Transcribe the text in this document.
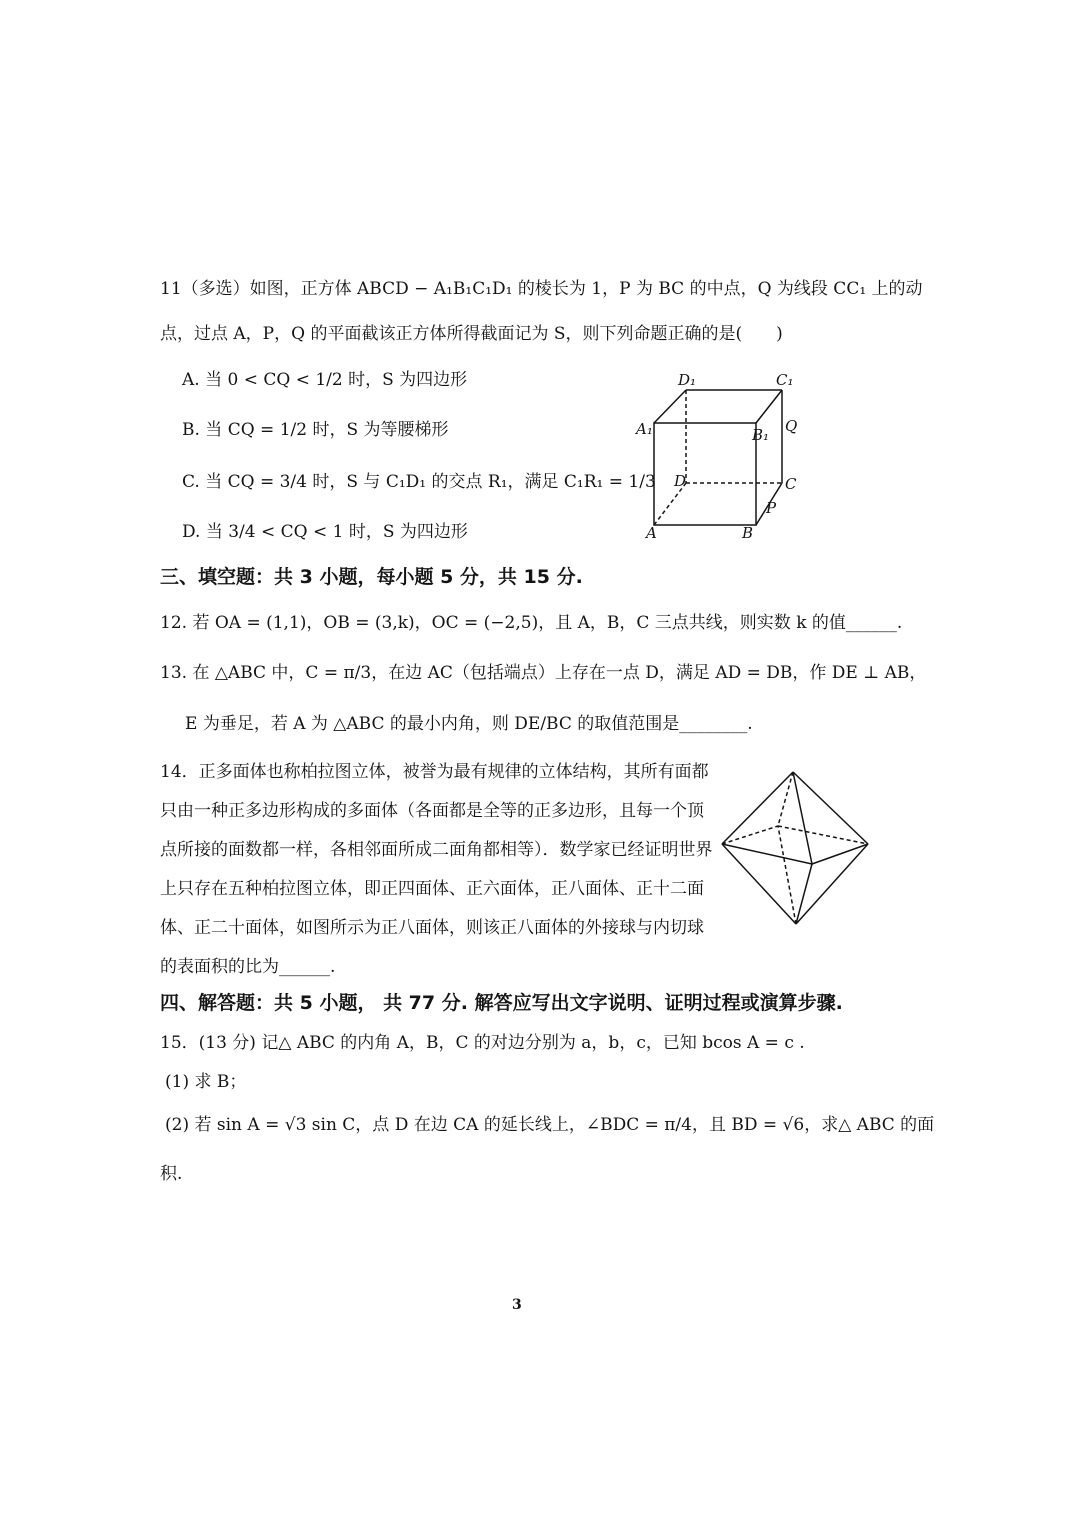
11（多选）如图，正方体 ABCD − A₁B₁C₁D₁ 的棱长为 1，P 为 BC 的中点，Q 为线段 CC₁ 上的动
点，过点 A，P，Q 的平面截该正方体所得截面记为 S，则下列命题正确的是(　　)
A. 当 0 < CQ < 1/2 时，S 为四边形
B. 当 CQ = 1/2 时，S 为等腰梯形
C. 当 CQ = 3/4 时，S 与 C₁D₁ 的交点 R₁，满足 C₁R₁ = 1/3
D. 当 3/4 < CQ < 1 时，S 为四边形
D₁	C₁
A₁	B₁ Q
D	C
P
A	B
三、填空题：共 3 小题，每小题 5 分，共 15 分.
12. 若 OA = (1,1)，OB = (3,k)，OC = (−2,5)，且 A，B，C 三点共线，则实数 k 的值______.
13. 在 △ABC 中，C = π/3，在边 AC（包括端点）上存在一点 D，满足 AD = DB，作 DE ⊥ AB，
E 为垂足，若 A 为 △ABC 的最小内角，则 DE/BC 的取值范围是________.
14．正多面体也称柏拉图立体，被誉为最有规律的立体结构，其所有面都
只由一种正多边形构成的多面体（各面都是全等的正多边形，且每一个顶
点所接的面数都一样，各相邻面所成二面角都相等）．数学家已经证明世界
上只存在五种柏拉图立体，即正四面体、正六面体，正八面体、正十二面
体、正二十面体，如图所示为正八面体，则该正八面体的外接球与内切球
的表面积的比为______.
四、解答题：共 5 小题， 共 77 分. 解答应写出文字说明、证明过程或演算步骤.
15．(13 分) 记△ ABC 的内角 A，B，C 的对边分别为 a，b，c，已知 bcos A = c .
(1) 求 B；
(2) 若 sin A = √3 sin C，点 D 在边 CA 的延长线上，∠BDC = π/4，且 BD = √6，求△ ABC 的面
积.
3
